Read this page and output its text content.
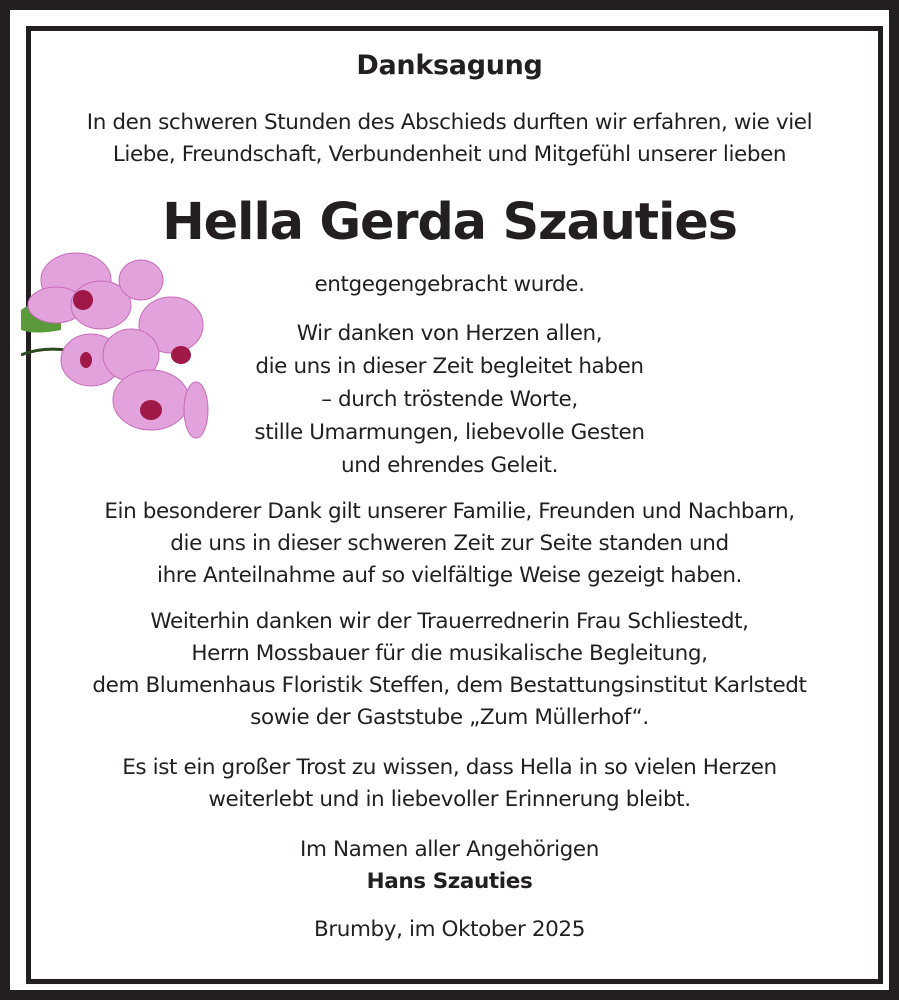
Danksagung
In den schweren Stunden des Abschieds durften wir erfahren, wie viel
Liebe, Freundschaft, Verbundenheit und Mitgefühl unserer lieben
Hella Gerda Szauties
entgegengebracht wurde.
Wir danken von Herzen allen,
die uns in dieser Zeit begleitet haben
– durch tröstende Worte,
stille Umarmungen, liebevolle Gesten
und ehrendes Geleit.
Ein besonderer Dank gilt unserer Familie, Freunden und Nachbarn,
die uns in dieser schweren Zeit zur Seite standen und
ihre Anteilnahme auf so vielfältige Weise gezeigt haben.
Weiterhin danken wir der Trauerrednerin Frau Schliestedt,
Herrn Mossbauer für die musikalische Begleitung,
dem Blumenhaus Floristik Steffen, dem Bestattungsinstitut Karlstedt
sowie der Gaststube „Zum Müllerhof“.
Es ist ein großer Trost zu wissen, dass Hella in so vielen Herzen
weiterlebt und in liebevoller Erinnerung bleibt.
Im Namen aller Angehörigen
Hans Szauties
Brumby, im Oktober 2025
